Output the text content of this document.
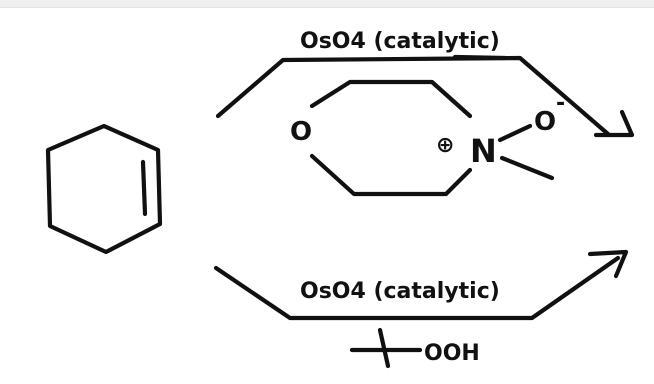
OsO4 (catalytic)
O	⊕ N
O
-
OsO4 (catalytic)
OOH
